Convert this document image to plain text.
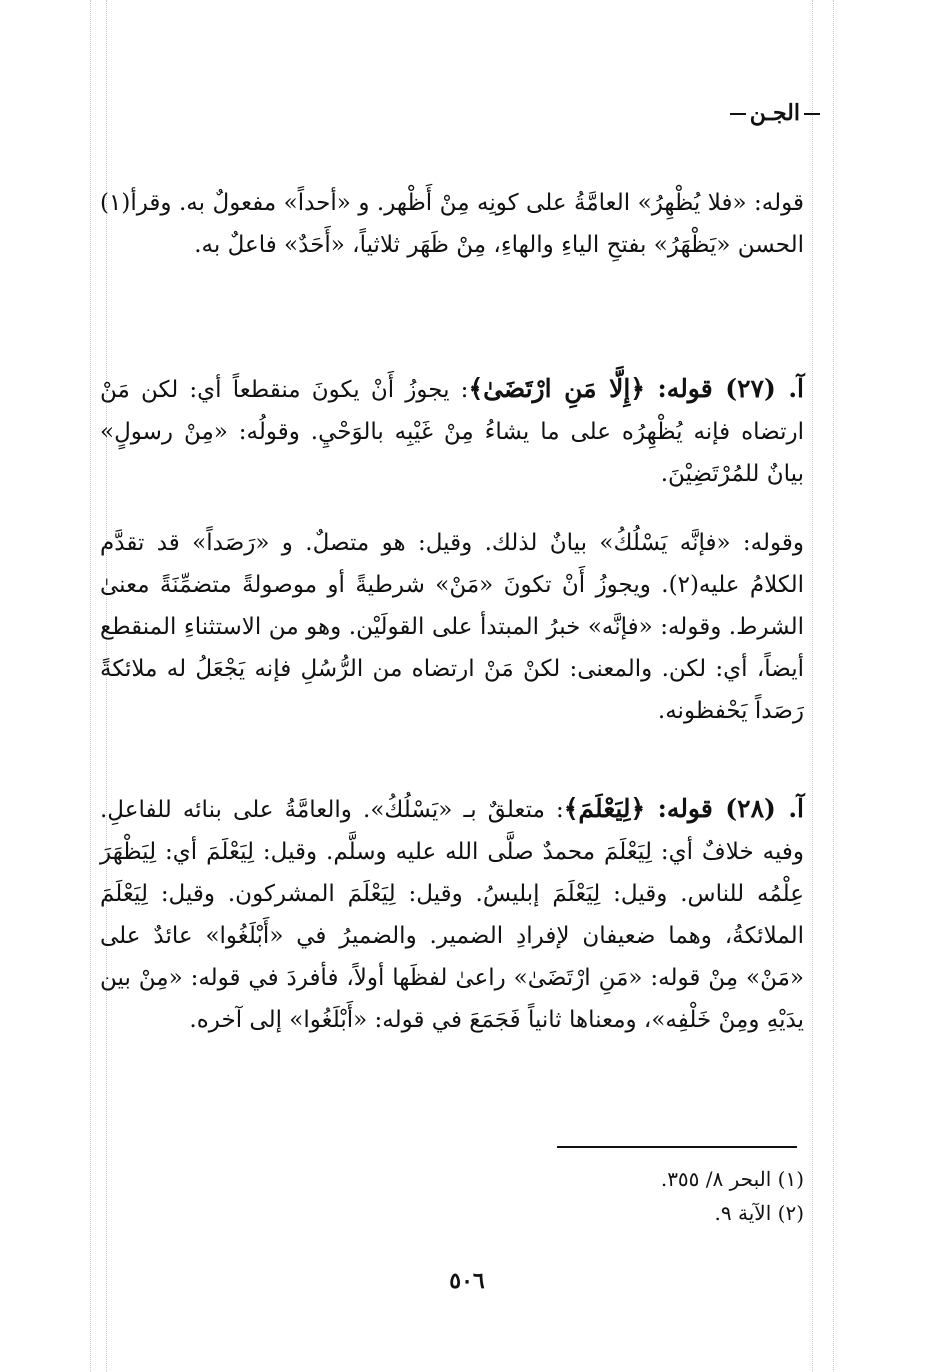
الجـن

قوله: «فلا يُظْهِرُ» العامَّةُ على كونِه مِنْ أَظْهر. و «أحداً» مفعولٌ به. وقرأ(١) الحسن «يَظْهَرُ» بفتحِ الياءِ والهاءِ، مِنْ ظَهَر ثلاثياً، «أَحَدٌ» فاعلٌ به.

آ. (٢٧) قوله: ﴿إِلَّا مَنِ ارْتَضَىٰ﴾: يجوزُ أَنْ يكونَ منقطعاً أي: لكن مَنْ ارتضاه فإنه يُظْهِرُه على ما يشاءُ مِنْ غَيْبِه بالوَحْيِ. وقولُه: «مِنْ رسولٍ» بيانٌ للمُرْتَضِيْنَ.

وقوله: «فإنَّه يَسْلُكُ» بيانٌ لذلك. وقيل: هو متصلٌ. و «رَصَداً» قد تقدَّم الكلامُ عليه(٢). ويجوزُ أَنْ تكونَ «مَنْ» شرطيةً أو موصولةً متضمِّنَةً معنىٰ الشرط. وقوله: «فإنَّه» خبرُ المبتدأ على القولَيْن. وهو من الاستثناءِ المنقطع أيضاً، أي: لكن. والمعنى: لكنْ مَنْ ارتضاه من الرُّسُلِ فإنه يَجْعَلُ له ملائكةً رَصَداً يَحْفظونه.

آ. (٢٨) قوله: ﴿لِيَعْلَمَ﴾: متعلقٌ بـ «يَسْلُكُ». والعامَّةُ على بنائه للفاعلِ. وفيه خلافٌ أي: لِيَعْلَمَ محمدٌ صلَّى الله عليه وسلَّم. وقيل: لِيَعْلَمَ أي: لِيَظْهَرَ عِلْمُه للناس. وقيل: لِيَعْلَمَ إبليسُ. وقيل: لِيَعْلَمَ المشركون. وقيل: لِيَعْلَمَ الملائكةُ، وهما ضعيفان لإفرادِ الضمير. والضميرُ في «أَبْلَغُوا» عائدٌ على «مَنْ» مِنْ قوله: «مَنِ ارْتَضَىٰ» راعىٰ لفظَها أولاً، فأفردَ في قوله: «مِنْ بين يدَيْهِ ومِنْ خَلْفِه»، ومعناها ثانياً فَجَمَعَ في قوله: «أَبْلَغُوا» إلى آخره.

(١) البحر ٨/ ٣٥٥.
(٢) الآية ٩.
٥٠٦
